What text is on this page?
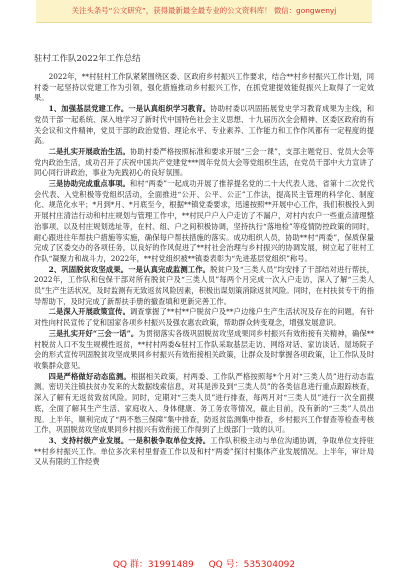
关注头条号“公文研究”，获得最新最全最专业的公文资料库！ 微信：gongwenyj
驻村工作队2022年工作总结

2022年，**村驻村工作队紧紧围绕区委、区政府乡村振兴工作要求，结合**村乡村振兴工作计划，同村委一起坚持以党建工作为引领，强化措施推动乡村振兴工作，在抓党建提效能促振兴上取得了一定效果。

1、加强基层党建工作。一是认真组织学习教育。协助村委以巩固拓展党史学习教育成果为主线，和党员干部一起系统、深入地学习了新时代中国特色社会主义思想、十九届历次全会精神、区委区政府的有关会议和文件精神，党员干部的政治觉悟、理论水平、专业素养、工作能力和工作作风都有一定程度的提高。

二是扎实开展政治生活。协助村委严格按照标准和要求开展“三会一课”，支部主题党日、党员大会等党内政治生活，成功召开了庆祝中国共产党建党***周年党员大会等党组织生活，在党员干部中大力宣讲了同心同行讲政治，事业为先践初心的良好氛围。

三是协助完成重点事项。和村“两委”一起成功开展了推荐提名党的二十大代表人选、省第十二次党代会代表、入党积极等党组织活动，全面推进“公开、公平、公正”工作法，提高民主管理的科学化、制度化、规范化水平；*月到*月、*月底至今，根据**镇党委要求，迅速按照**开展中心工作，我们积极投入到开展村庄清洁行动和村庄规划与管理工作中，**村民户户入户走访了不漏户，对村内农户一些重点清理整治事项、以及村庄规划选址等，在村、组、户之间积极协调，坚持执行“落地检”等疫情防控政策的同时，耐心跟进往年帮扶户措施等实施，确保每户帮扶措施的落实。成功组织人员，协助**村“两委”，保质保量完成了区委交办的各项任务，以良好的作风促进了**村社会治理与乡村振兴的协调发展，树立起了驻村工作队“凝聚力和战斗力，2022年，**村党组织被**镇委表彰为“先进基层党组织”称号。

2、巩固脱贫攻坚成果。一是认真完成监测工作。脱贫户及“三类人员”均安排了干部结对进行帮扶，2022年，工作队和包保干部对所有脱贫户及“三类人员”每两个月完成一次入户走访，深入了解“三类人员”生产生活状况，及时监测有无致返贫风险因素，积极出谋划策消除返贫风险。同时，在村扶贫专干的指导帮助下，及时完成了新帮扶手册的撤查填和更新完善工作。

二是深入开展政策宣传。调查掌握了**村**户脱贫户及**户边缘户生产生活状况及存在的问题，有针对性向村民宣传了党和国家各项乡村振兴及强农惠农政策，帮助群众转变观念，增强发展意识。

三是扎实开好“三会一话”。为贯彻落实各级巩固脱贫攻坚成果同乡村振兴有效衔接有关精神，确保**村脱贫人口不发生规模性返贫，**村村两委&驻村工作队采取基层走访、网络对话、家访谈话、屋场院子会的形式宣传巩固脱贫攻坚成果同乡村振兴有效衔接相关政策，让群众及时掌握各项政策，让工作队及时收集群众意见。

四是严格做好动态监测。根据相关政策，村两委、工作队严格按照每*个月对“三类人员”进行动态监测。密切关注镇扶贫办发来的大数据线索信息，对其是涉及到“三类人员”的各类信息进行重点跟踪核查，深入了解有无返贫致贫风险。同时，定期对“三类人员”进行排查，每两月对“三类人员”进行一次全面摸底，全面了解其生产生活、家庭收入、身体健康、务工务农等情况，截止目前，没有新的“三类”人员出现。上半年，顺利完成了“两不愁三保障”集中排查，防返贫监测集中排查，乡村振兴工作督查等检查考核工作，巩固脱贫攻坚成果同乡村振兴有效衔接工作得到了上级部门一致的认可。

3、支持村级产业发展。一是积极争取单位支持。工作队积极主动与单位沟通协调，争取单位支持驻**村乡村振兴工作。单位多次来村里督查工作以及和村“两委”探讨村集体产业发展情况。上半年，审计局又从有限的工作经费

QQ 群：31991489 QQ 号：535304092
